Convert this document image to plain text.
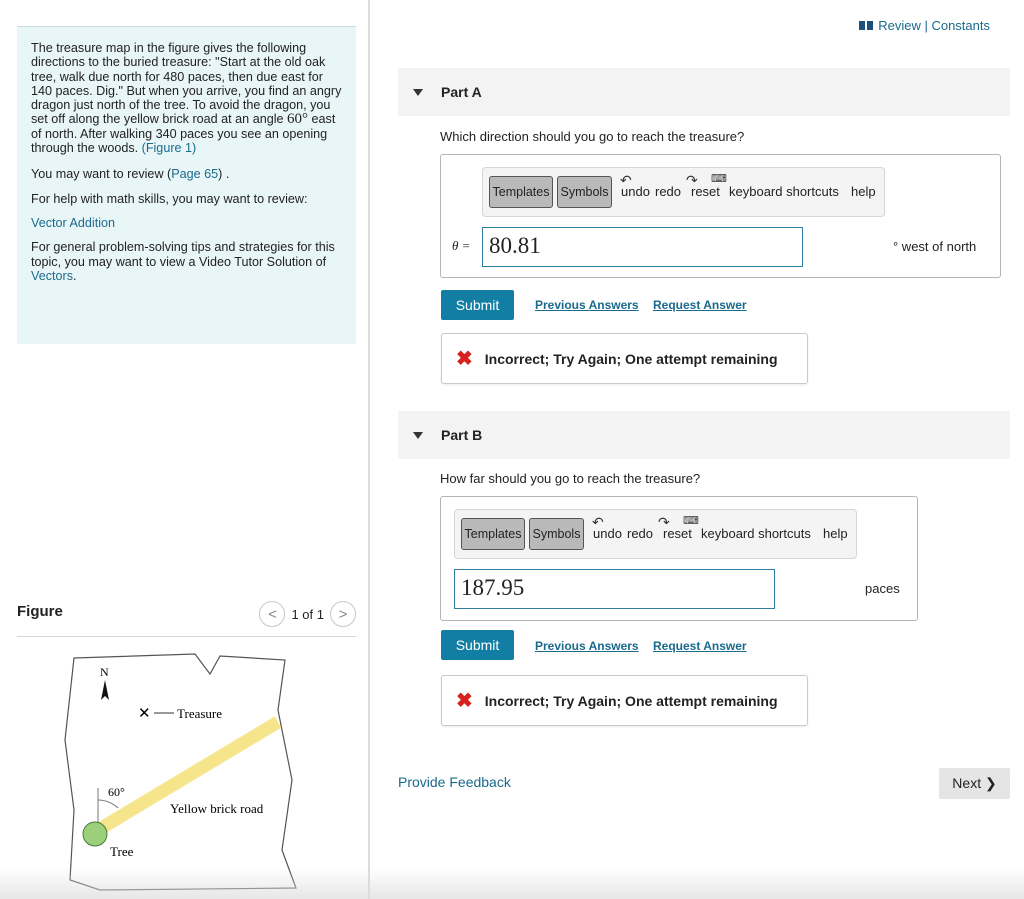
The treasure map in the figure gives the following directions to the buried treasure: "Start at the old oak tree, walk due north for 480 paces, then due east for 140 paces. Dig." But when you arrive, you find an angry dragon just north of the tree. To avoid the dragon, you set off along the yellow brick road at an angle 60° east of north. After walking 340 paces you see an opening through the woods. (Figure 1)

You may want to review (Page 65) .

For help with math skills, you may want to review:

Vector Addition

For general problem-solving tips and strategies for this topic, you may want to view a Video Tutor Solution of Vectors.

Figure	<	1 of 1 >
N
✕ Treasure
60°
Yellow brick road
Tree
Review | Constants
Part A
Which direction should you go to reach the treasure?
Templates Symbols
↶
undo
↷
redo reset
⌨
keyboard shortcuts help
θ = 80.81	° west of north
Submit	Previous Answers Request Answer
✖ Incorrect; Try Again; One attempt remaining
Part B
How far should you go to reach the treasure?
Templates Symbols
↶
undo
↷
redo reset
⌨
keyboard shortcuts help
187.95	paces
Submit	Previous Answers Request Answer
✖ Incorrect; Try Again; One attempt remaining
Provide Feedback	Next ❯
